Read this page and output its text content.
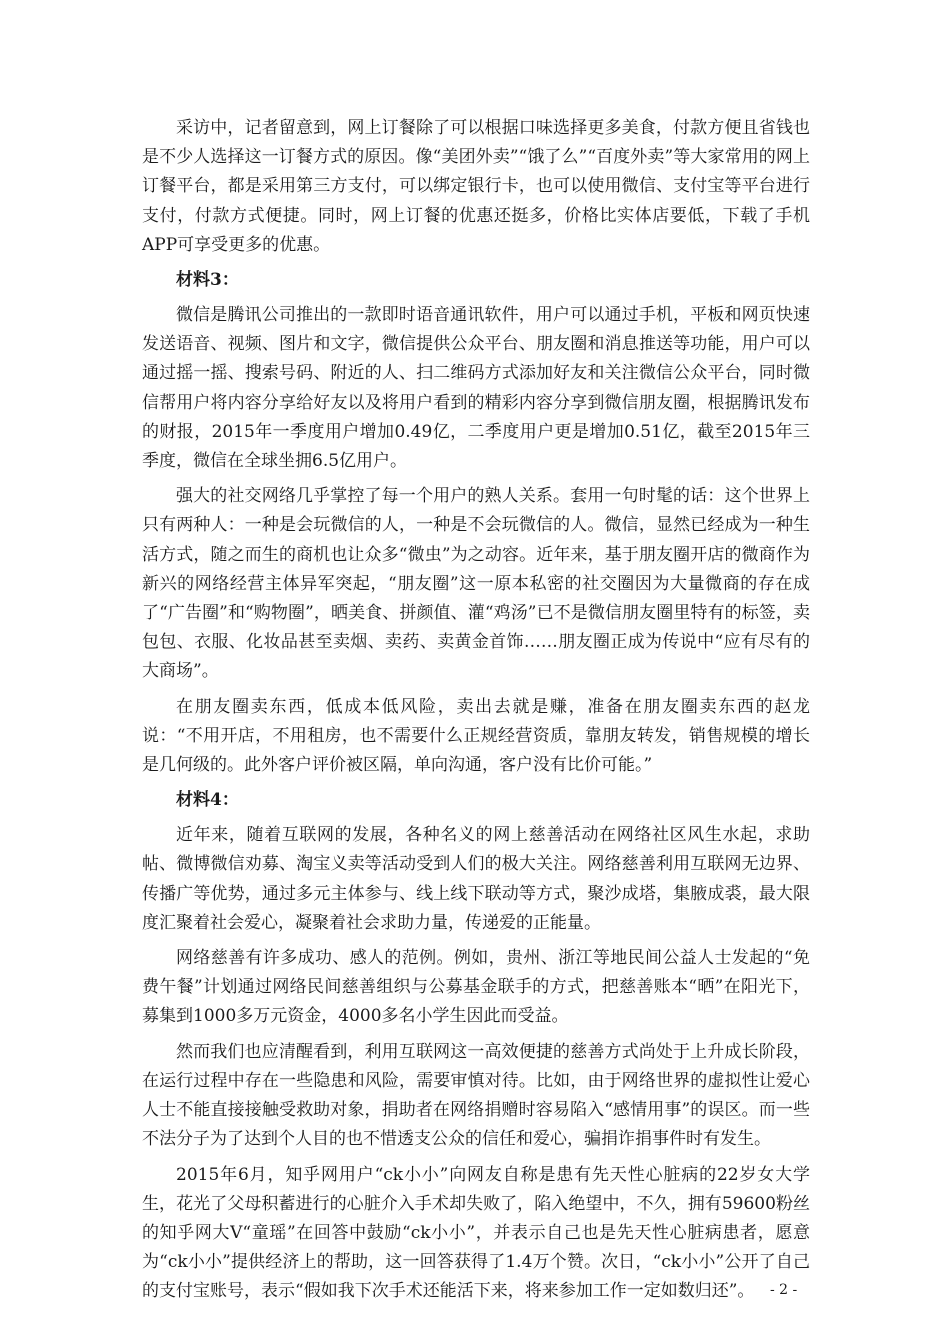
采访中，记者留意到，网上订餐除了可以根据口味选择更多美食，付款方便且省钱也是不少人选择这一订餐方式的原因。像“美团外卖”“饿了么”“百度外卖”等大家常用的网上订餐平台，都是采用第三方支付，可以绑定银行卡，也可以使用微信、支付宝等平台进行支付，付款方式便捷。同时，网上订餐的优惠还挺多，价格比实体店要低，下载了手机APP可享受更多的优惠。

材料3：

微信是腾讯公司推出的一款即时语音通讯软件，用户可以通过手机，平板和网页快速发送语音、视频、图片和文字，微信提供公众平台、朋友圈和消息推送等功能，用户可以通过摇一摇、搜索号码、附近的人、扫二维码方式添加好友和关注微信公众平台，同时微信帮用户将内容分享给好友以及将用户看到的精彩内容分享到微信朋友圈，根据腾讯发布的财报，2015年一季度用户增加0.49亿，二季度用户更是增加0.51亿，截至2015年三季度，微信在全球坐拥6.5亿用户。

强大的社交网络几乎掌控了每一个用户的熟人关系。套用一句时髦的话：这个世界上只有两种人：一种是会玩微信的人，一种是不会玩微信的人。微信，显然已经成为一种生活方式，随之而生的商机也让众多“微虫”为之动容。近年来，基于朋友圈开店的微商作为新兴的网络经营主体异军突起，“朋友圈”这一原本私密的社交圈因为大量微商的存在成了“广告圈”和“购物圈”，晒美食、拼颜值、灌“鸡汤”已不是微信朋友圈里特有的标签，卖包包、衣服、化妆品甚至卖烟、卖药、卖黄金首饰……朋友圈正成为传说中“应有尽有的大商场”。

在朋友圈卖东西，低成本低风险，卖出去就是赚，准备在朋友圈卖东西的赵龙说：“不用开店，不用租房，也不需要什么正规经营资质，靠朋友转发，销售规模的增长是几何级的。此外客户评价被区隔，单向沟通，客户没有比价可能。”

材料4：

近年来，随着互联网的发展，各种名义的网上慈善活动在网络社区风生水起，求助帖、微博微信劝募、淘宝义卖等活动受到人们的极大关注。网络慈善利用互联网无边界、传播广等优势，通过多元主体参与、线上线下联动等方式，聚沙成塔，集腋成裘，最大限度汇聚着社会爱心，凝聚着社会求助力量，传递爱的正能量。

网络慈善有许多成功、感人的范例。例如，贵州、浙江等地民间公益人士发起的“免费午餐”计划通过网络民间慈善组织与公募基金联手的方式，把慈善账本“晒”在阳光下，募集到1000多万元资金，4000多名小学生因此而受益。

然而我们也应清醒看到，利用互联网这一高效便捷的慈善方式尚处于上升成长阶段，在运行过程中存在一些隐患和风险，需要审慎对待。比如，由于网络世界的虚拟性让爱心人士不能直接接触受救助对象，捐助者在网络捐赠时容易陷入“感情用事”的误区。而一些不法分子为了达到个人目的也不惜透支公众的信任和爱心，骗捐诈捐事件时有发生。

2015年6月，知乎网用户“ck小小”向网友自称是患有先天性心脏病的22岁女大学生，花光了父母积蓄进行的心脏介入手术却失败了，陷入绝望中，不久，拥有59600粉丝的知乎网大V“童瑶”在回答中鼓励“ck小小”，并表示自己也是先天性心脏病患者，愿意为“ck小小”提供经济上的帮助，这一回答获得了1.4万个赞。次日，“ck小小”公开了自己的支付宝账号，表示“假如我下次手术还能活下来，将来参加工作一定如数归还”。	- 2 -
